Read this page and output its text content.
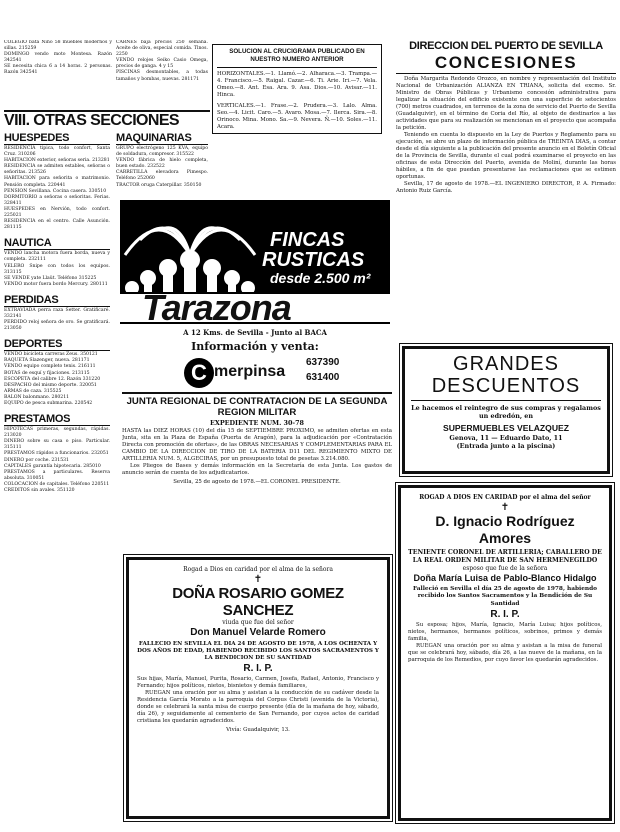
COLEGIO bata Nino 58 muebles modernos y sillas. 215259

DOMINGO vendo moto Montesa. Razón 342541

SE necesita chica 6 a 14 horas. 2 personas. Razón 342541

CARNES baja precios 250 semana. Aceite de oliva, especial comida. Tlnos. 2250

VENDO relojes Seiko Casio Omega, precios de ganga. 4 y 15

PISCINAS desmontables, a todas tamaños y bombas, nuevas. 281171

VIII. OTRAS SECCIONES
HUESPEDES

RESIDENCIA tipica, todo confort, Santa Cruz. 310206

HABITACION exterior, señoras seria. 213281

RESIDENCIA se admiten estables, señoras o señoritas. 213526

HABITACION para señorita o matrimonio. Pensión completa. 220441

PENSION Sevillana. Cocina casera. 330510

DORMITORIO a señoras o señoritas. Ferias. 328411

HUESPEDES en Nervión, todo confort. 225021

RESIDENCIA en el centro. Calle Asunción. 281115

NAUTICA

VENDO lancha motora fuera borda, nueva y completa. 232111

VELERO Snipe con todos los equipos. 313115

SE VENDE yate Llaüt. Teléfono 315225

VENDO motor fuera bordo Mercury. 280111

PERDIDAS

EXTRAVIADA perra raza Setter. Gratificaré. 332141

PERDIDO reloj señora de oro. Se gratificará. 213050

DEPORTES

VENDO bicicleta carreras Zeus. 350121

RAQUETA Slazenger, nueva. 281171

VENDO equipo completo tenis. 216111

BOTAS de esquí y fijaciones. 213115

ESCOPETA del calibre 12. Razón 331220

DESPACHO del mismo deporte. 320051

ARMAS de caza. 315525

BALON balonmano. 280211

EQUIPO de pesca submarina. 220542

PRESTAMOS

HIPOTECAS primeras, segundas, rápidas. 213020

DINERO sobre su casa o piso. Particular. 315111

PRESTAMOS rápidos a funcionarios. 232051

DINERO por coche. 231531

CAPITALES garantía hipotecaria. 285010

PRESTAMOS a particulares. Reserva absoluta. 310051

COLOCACION de capitales. Teléfono 220511

CREDITOS sin avales. 351120

MAQUINARIAS

GRUPO electrógeno 125 KVA, equipo de soldadura, compresor. 315522

VENDO fábrica de hielo completa, buen estado. 232522

CARRETILLA elevadora Pimespo. Teléfono 252060

TRACTOR oruga Caterpillar. 350150

SOLUCION AL CRUCIGRAMA PUBLICADO EN NUESTRO NUMERO ANTERIOR

HORIZONTALES.—1. Llamó.—2. Alharaca.—3. Trampa.—4. Francisco.—5. Raigal. Cazar.—6. Ti. Arie. Iri.—7. Vela. Omeo.—8. Ant. Esa. Ara. 9. Asa. Dios.—10. Avisar.—11. Hinca.

VERTICALES.—1. Frase.—2. Prudera.—3. Lalo. Alma. Seo.—4. Licit. Caro.—5. Avaro. Mosa.—7. Ilerca. Sira.—8. Orinoco. Mina. Mono. Sa.—9. Nevera. Ñ.—10. Soles.—11. Acara.

FINCAS
RUSTICAS
desde 2.500 m²
Tarazona
A 12 Kms. de Sevilla - Junto al BACA
Información y venta:
C merpinsa
637390
631400
JUNTA REGIONAL DE CONTRATACION DE LA SEGUNDA REGION MILITAR
EXPEDIENTE NUM. 30-78

HASTA las DIEZ HORAS (10) del día 15 de SEPTIEMBRE PROXIMO, se admiten ofertas en esta Junta, sita en la Plaza de España (Puerta de Aragón), para la adjudicación por «Contratación Directa con promoción de ofertas», de las OBRAS NECESARIAS Y COMPLEMENTARIAS PARA EL CAMBIO DE LA DIRECCION DE TIRO DE LA BATERIA D11 DEL REGIMIENTO MIXTO DE ARTILLERIA NUM. 5, ALGECIRAS, por un presupuesto total de pesetas 3.214.080.

Los Pliegos de Bases y demás información en la Secretaría de esta Junta. Los gastos de anuncio serán de cuenta de los adjudicatarios.

Sevilla, 25 de agosto de 1978.—EL CORONEL PRESIDENTE.

Rogad a Dios en caridad por el alma de la señora
✝
DOÑA ROSARIO GOMEZ SANCHEZ
viuda que fue del señor
Don Manuel Velarde Romero
FALLECIO EN SEVILLA EL DIA 24 DE AGOSTO DE 1978, A LOS OCHENTA Y DOS AÑOS DE EDAD, HABIENDO RECIBIDO LOS SANTOS SACRAMENTOS Y LA BENDICION DE SU SANTIDAD
R. I. P.

Sus hijas, María, Manuel, Purita, Rosario, Carmen, Josefa, Rafael, Antonio, Francisco y Fernando; hijos políticos, nietos, bisnietos y demás familiares,

RUEGAN una oración por su alma y asistan a la conducción de su cadáver desde la Residencia García Morato a la parroquia del Corpus Christi (avenida de la Victoria), donde se celebrará la santa misa de cuerpo presente (día de la mañana de hoy, sábado, día 26), y seguidamente al cementerio de San Fernando, por cuyos actos de caridad cristiana les quedarán agradecidos.

Vivía: Guadalquivir, 13.

DIRECCION DEL PUERTO DE SEVILLA
CONCESIONES

Doña Margarita Redondo Orozco, en nombre y representación del Instituto Nacional de Urbanización ALIANZA EN TRIANA, solicita del excmo. Sr. Ministro de Obras Públicas y Urbanismo concesión administrativa para legalizar la situación del edificio existente con una superficie de setecientos (700) metros cuadrados, en terrenos de la zona de servicio del Puerto de Sevilla (Guadalquivir), en el término de Coria del Río, al objeto de destinarlos a las actividades que para su realización se mencionan en el proyecto que acompaña la petición.

Teniendo en cuenta lo dispuesto en la Ley de Puertos y Reglamento para su ejecución, se abre un plazo de información pública de TREINTA DIAS, a contar desde el día siguiente a la publicación del presente anuncio en el Boletín Oficial de la Provincia de Sevilla, durante el cual podrá examinarse el proyecto en las oficinas de esta Dirección del Puerto, avenida de Moliní, durante las horas hábiles, a fin de que puedan presentarse las reclamaciones que se estimen oportunas.

Sevilla, 17 de agosto de 1978.—EL INGENIERO DIRECTOR, P. A. Firmado: Antonio Ruiz García.

GRANDES
DESCUENTOS
Le hacemos el reintegro de sus compras y regalamos un edredón, en
SUPERMUEBLES VELAZQUEZ
Genova, 11 — Eduardo Dato, 11
(Entrada junto a la piscina)
ROGAD A DIOS EN CARIDAD por el alma del señor
✝
D. Ignacio Rodríguez
Amores
TENIENTE CORONEL DE ARTILLERIA; CABALLERO DE LA REAL ORDEN MILITAR DE SAN HERMENEGILDO
esposo que fue de la señora
Doña María Luisa de Pablo-Blanco Hidalgo
Falleció en Sevilla el día 25 de agosto de 1978, habiendo recibido los Santos Sacramentos y la Bendición de Su Santidad
R. I. P.

Su esposa; hijos, María, Ignacio, María Luisa; hijos políticos, nietos, hermanos, hermanos políticos, sobrinos, primos y demás familia,

RUEGAN una oración por su alma y asistan a la misa de funeral que se celebrará hoy, sábado, día 26, a las nueve de la mañana, en la parroquia de los Remedios, por cuyo favor les quedarán agradecidos.
